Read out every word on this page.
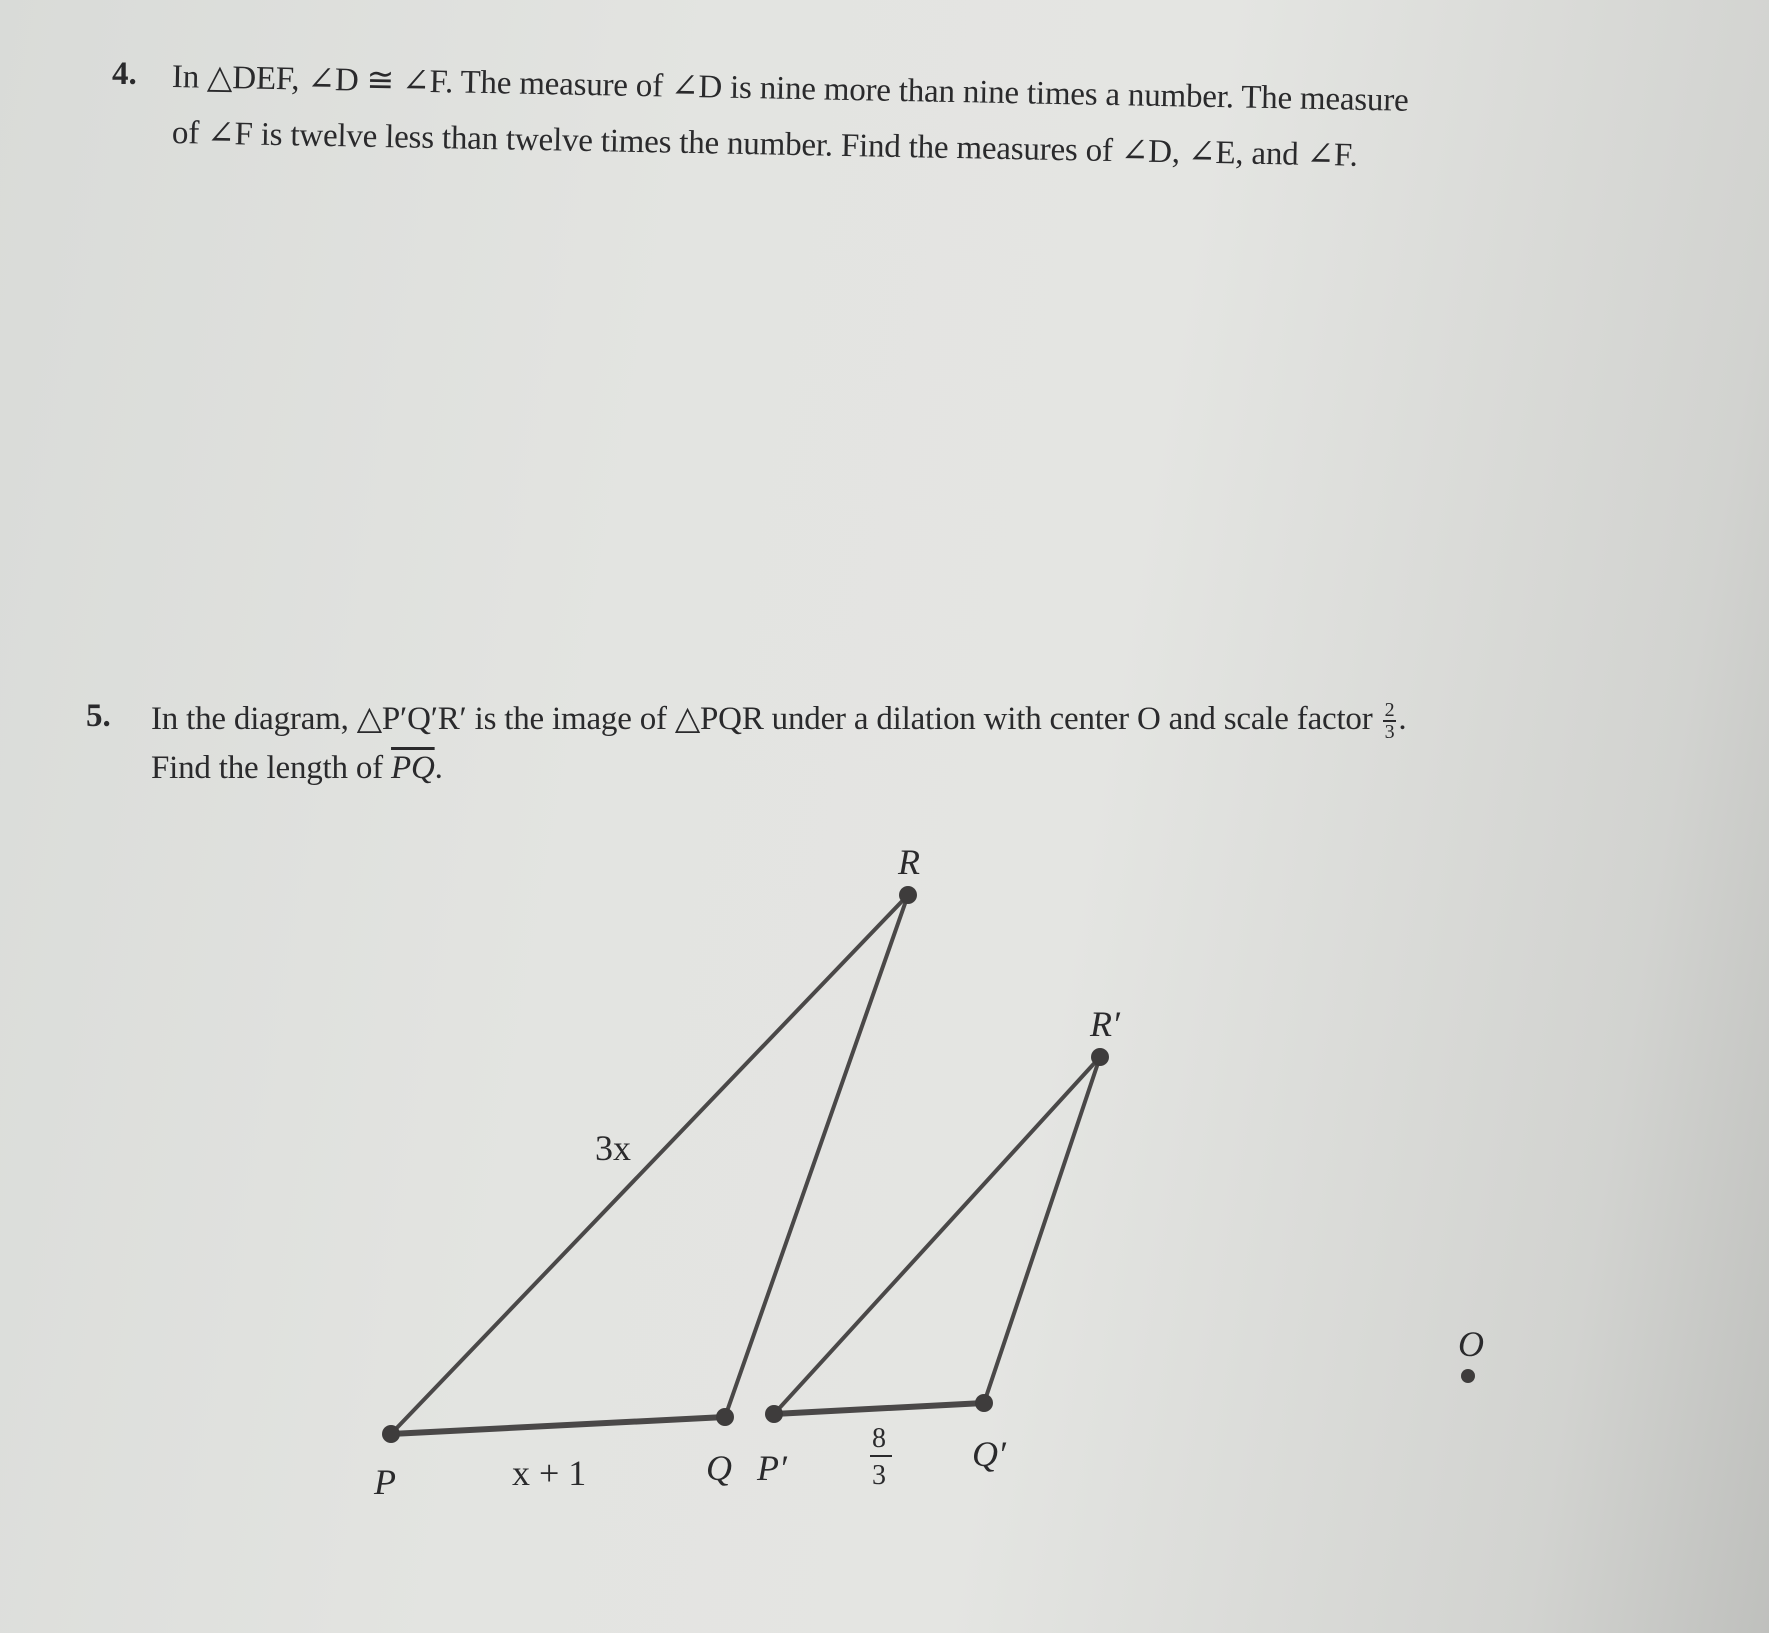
4. In △DEF, ∠D ≅ ∠F. The measure of ∠D is nine more than nine times a number. The measure
of ∠F is twelve less than twelve times the number. Find the measures of ∠D, ∠E, and ∠F.
5. In the diagram, △P′Q′R′ is the image of △PQR under a dilation with center O and scale factor $\frac{2}{3}$ .
Find the length of $\overline{PQ}$.
R
R′
P	Q P′	Q′
O
3x
x + 1
8
3
